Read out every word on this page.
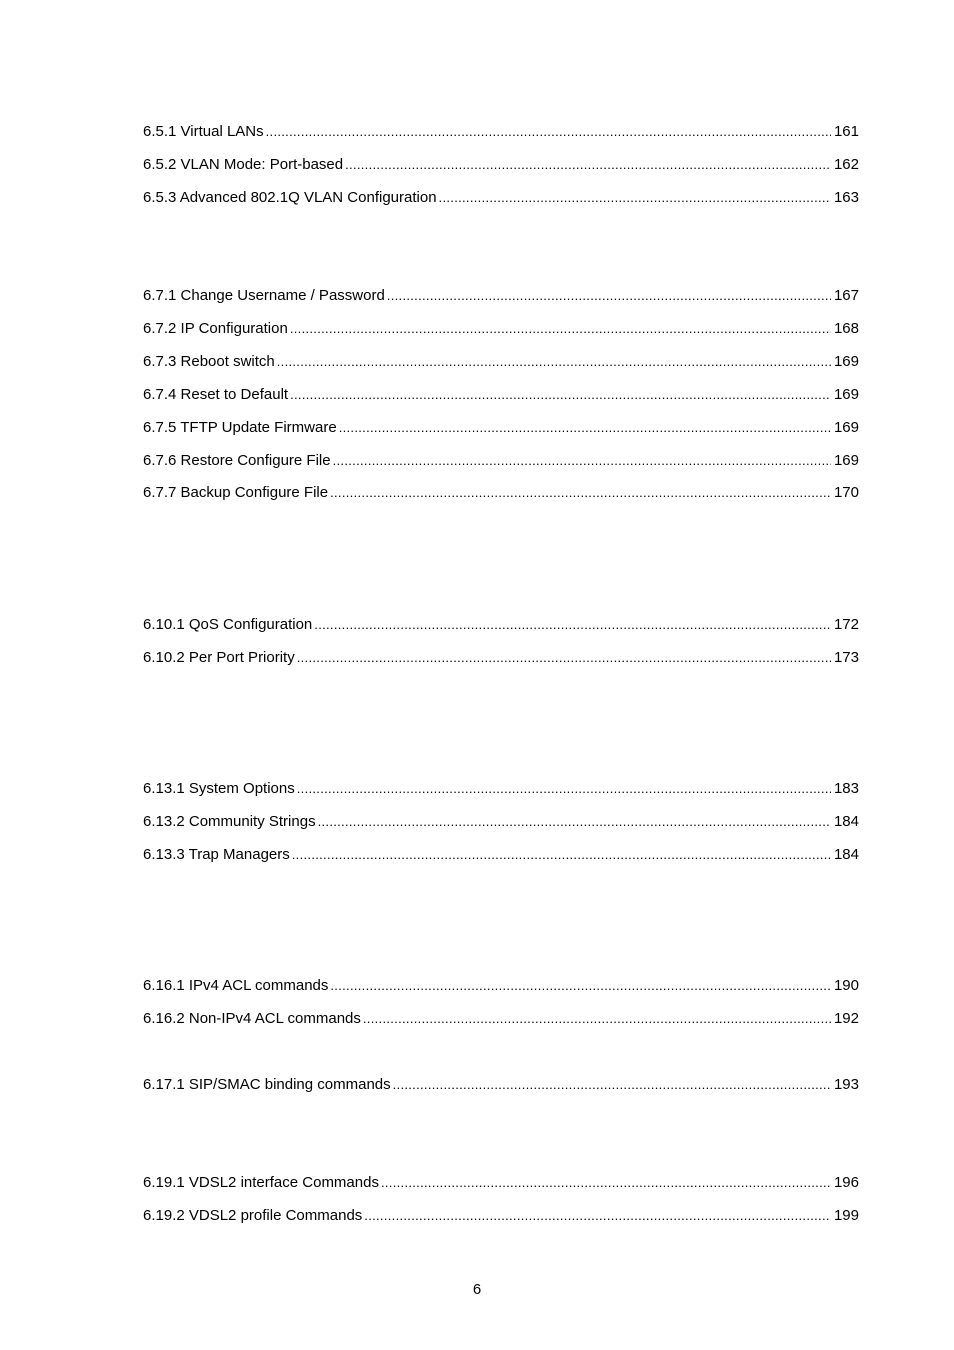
6.5.1 Virtual LANs .....	161
6.5.2 VLAN Mode: Port-based .....	162
6.5.3 Advanced 802.1Q VLAN Configuration .....	163
6.7.1 Change Username / Password .....	167
6.7.2 IP Configuration .....	168
6.7.3 Reboot switch .....	169
6.7.4 Reset to Default .....	169
6.7.5 TFTP Update Firmware .....	169
6.7.6 Restore Configure File .....	169
6.7.7 Backup Configure File .....	170
6.10.1 QoS Configuration .....	172
6.10.2 Per Port Priority .....	173
6.13.1 System Options .....	183
6.13.2 Community Strings .....	184
6.13.3 Trap Managers .....	184
6.16.1 IPv4 ACL commands .....	190
6.16.2 Non-IPv4 ACL commands .....	192
6.17.1 SIP/SMAC binding commands .....	193
6.19.1 VDSL2 interface Commands .....	196
6.19.2 VDSL2 profile Commands .....	199
6
